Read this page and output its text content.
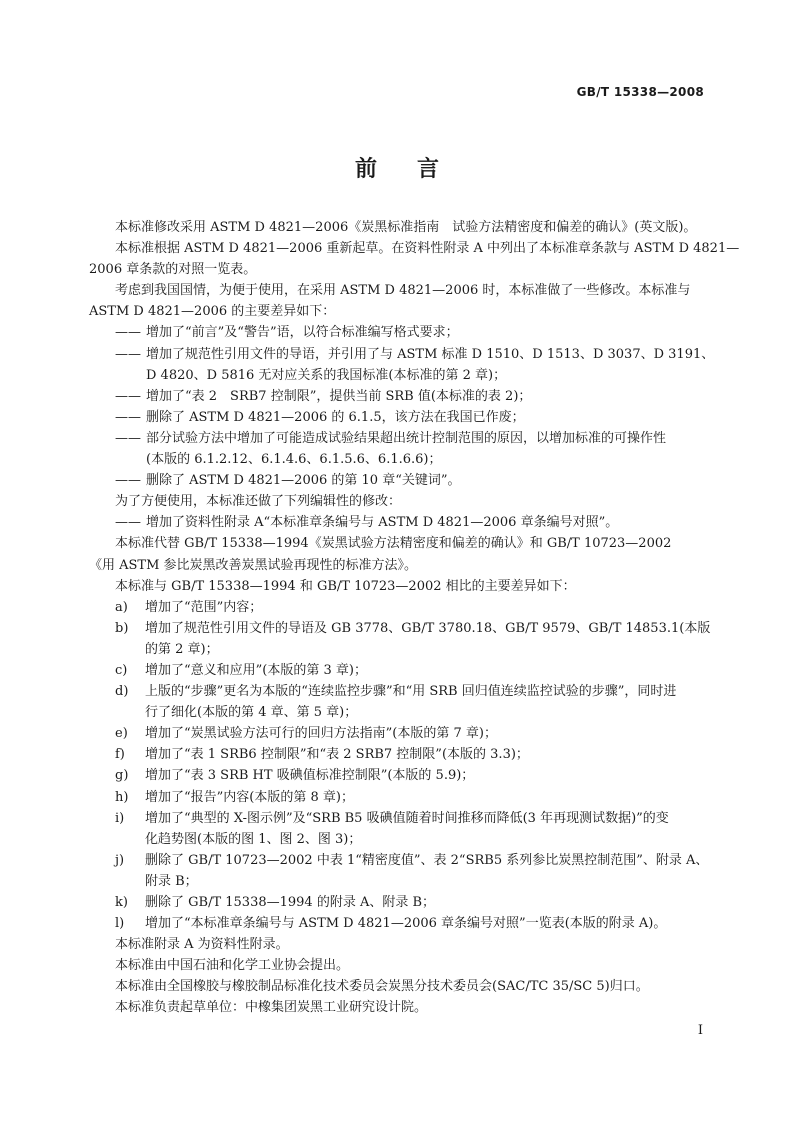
GB/T 15338—2008
前言
本标准修改采用 ASTM D 4821—2006《炭黑标准指南　试验方法精密度和偏差的确认》(英文版)。
本标准根据 ASTM D 4821—2006 重新起草。在资料性附录 A 中列出了本标准章条款与 ASTM D 4821—
2006 章条款的对照一览表。
考虑到我国国情，为便于使用，在采用 ASTM D 4821—2006 时，本标准做了一些修改。本标准与
ASTM D 4821—2006 的主要差异如下：
—— 增加了“前言”及“警告”语，以符合标准编写格式要求；
—— 增加了规范性引用文件的导语，并引用了与 ASTM 标准 D 1510、D 1513、D 3037、D 3191、
D 4820、D 5816 无对应关系的我国标准(本标准的第 2 章)；
—— 增加了“表 2　SRB7 控制限”，提供当前 SRB 值(本标准的表 2)；
—— 删除了 ASTM D 4821—2006 的 6.1.5，该方法在我国已作废；
—— 部分试验方法中增加了可能造成试验结果超出统计控制范围的原因，以增加标准的可操作性
(本版的 6.1.2.12、6.1.4.6、6.1.5.6、6.1.6.6)；
—— 删除了 ASTM D 4821—2006 的第 10 章“关键词”。
为了方便使用，本标准还做了下列编辑性的修改：
—— 增加了资料性附录 A“本标准章条编号与 ASTM D 4821—2006 章条编号对照”。
本标准代替 GB/T 15338—1994《炭黑试验方法精密度和偏差的确认》和 GB/T 10723—2002
《用 ASTM 参比炭黑改善炭黑试验再现性的标准方法》。
本标准与 GB/T 15338—1994 和 GB/T 10723—2002 相比的主要差异如下：
a) 增加了“范围”内容；
b) 增加了规范性引用文件的导语及 GB 3778、GB/T 3780.18、GB/T 9579、GB/T 14853.1(本版
的第 2 章)；
c) 增加了“意义和应用”(本版的第 3 章)；
d) 上版的“步骤”更名为本版的“连续监控步骤”和“用 SRB 回归值连续监控试验的步骤”，同时进
行了细化(本版的第 4 章、第 5 章)；
e) 增加了“炭黑试验方法可行的回归方法指南”(本版的第 7 章)；
f) 增加了“表 1 SRB6 控制限”和“表 2 SRB7 控制限”(本版的 3.3)；
g) 增加了“表 3 SRB HT 吸碘值标准控制限”(本版的 5.9)；
h) 增加了“报告”内容(本版的第 8 章)；
i) 增加了“典型的 X-图示例”及“SRB B5 吸碘值随着时间推移而降低(3 年再现测试数据)”的变
化趋势图(本版的图 1、图 2、图 3)；
j) 删除了 GB/T 10723—2002 中表 1“精密度值”、表 2“SRB5 系列参比炭黑控制范围”、附录 A、
附录 B；
k) 删除了 GB/T 15338—1994 的附录 A、附录 B；
l) 增加了“本标准章条编号与 ASTM D 4821—2006 章条编号对照”一览表(本版的附录 A)。
本标准附录 A 为资料性附录。
本标准由中国石油和化学工业协会提出。
本标准由全国橡胶与橡胶制品标准化技术委员会炭黑分技术委员会(SAC/TC 35/SC 5)归口。
本标准负责起草单位：中橡集团炭黑工业研究设计院。
I
